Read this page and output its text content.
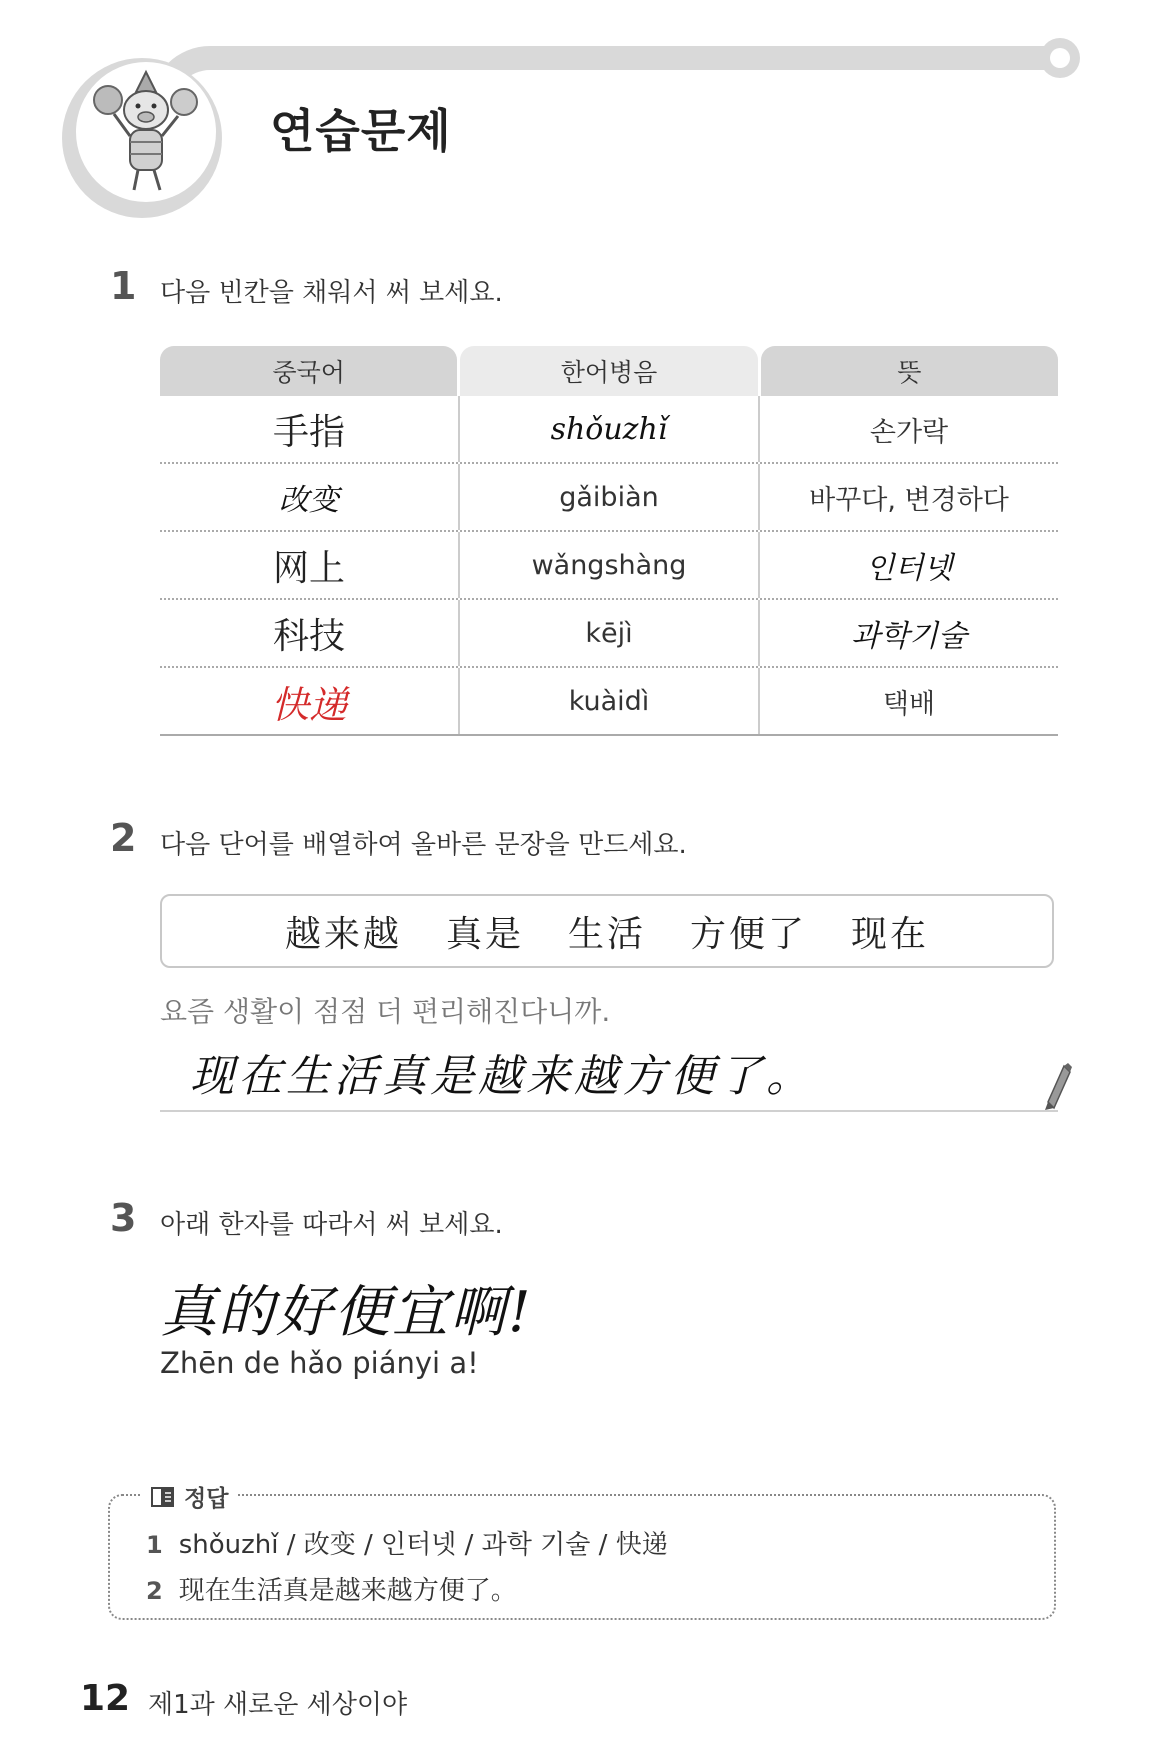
연습문제
1 다음 빈칸을 채워서 써 보세요.
중국어	한어병음	뜻
手指	shǒuzhǐ	손가락
改变	gǎibiàn	바꾸다, 변경하다
网上	wǎngshàng	인터넷
科技	kējì	과학기술
快递	kuàidì	택배
2 다음 단어를 배열하여 올바른 문장을 만드세요.
越来越 真是 生活 方便了 现在
요즘 생활이 점점 더 편리해진다니까.
现在生活真是越来越方便了。
3 아래 한자를 따라서 써 보세요.
真的好便宜啊!
Zhēn de hǎo piányi a!
1 shǒuzhǐ / 改变 / 인터넷 / 과학 기술 / 快递
2 现在生活真是越来越方便了。
정답
12 제1과 새로운 세상이야
